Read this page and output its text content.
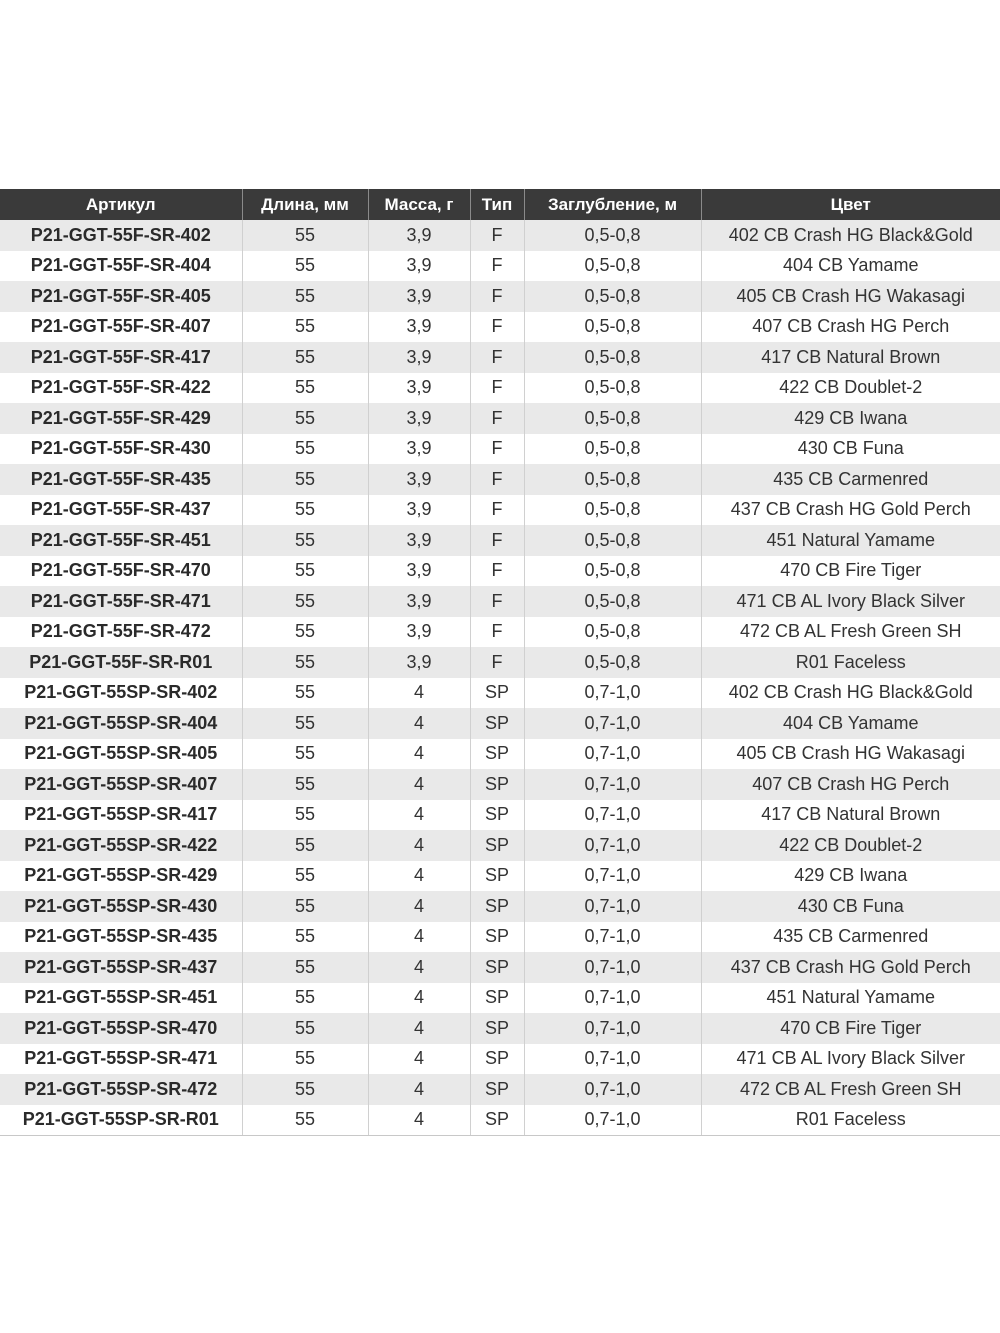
Артикул	Длина, мм	Масса, г	Тип	Заглубление, м	Цвет
P21-GGT-55F-SR-402	55	3,9	F	0,5-0,8	402 CB Crash HG Black&Gold
P21-GGT-55F-SR-404	55	3,9	F	0,5-0,8	404 CB Yamame
P21-GGT-55F-SR-405	55	3,9	F	0,5-0,8	405 CB Crash HG Wakasagi
P21-GGT-55F-SR-407	55	3,9	F	0,5-0,8	407 CB Crash HG Perch
P21-GGT-55F-SR-417	55	3,9	F	0,5-0,8	417 CB Natural Brown
P21-GGT-55F-SR-422	55	3,9	F	0,5-0,8	422 CB Doublet-2
P21-GGT-55F-SR-429	55	3,9	F	0,5-0,8	429 CB Iwana
P21-GGT-55F-SR-430	55	3,9	F	0,5-0,8	430 CB Funa
P21-GGT-55F-SR-435	55	3,9	F	0,5-0,8	435 CB Carmenred
P21-GGT-55F-SR-437	55	3,9	F	0,5-0,8	437 CB Crash HG Gold Perch
P21-GGT-55F-SR-451	55	3,9	F	0,5-0,8	451 Natural Yamame
P21-GGT-55F-SR-470	55	3,9	F	0,5-0,8	470 CB Fire Tiger
P21-GGT-55F-SR-471	55	3,9	F	0,5-0,8	471 CB AL Ivory Black Silver
P21-GGT-55F-SR-472	55	3,9	F	0,5-0,8	472 CB AL Fresh Green SH
P21-GGT-55F-SR-R01	55	3,9	F	0,5-0,8	R01 Faceless
P21-GGT-55SP-SR-402	55	4	SP	0,7-1,0	402 CB Crash HG Black&Gold
P21-GGT-55SP-SR-404	55	4	SP	0,7-1,0	404 CB Yamame
P21-GGT-55SP-SR-405	55	4	SP	0,7-1,0	405 CB Crash HG Wakasagi
P21-GGT-55SP-SR-407	55	4	SP	0,7-1,0	407 CB Crash HG Perch
P21-GGT-55SP-SR-417	55	4	SP	0,7-1,0	417 CB Natural Brown
P21-GGT-55SP-SR-422	55	4	SP	0,7-1,0	422 CB Doublet-2
P21-GGT-55SP-SR-429	55	4	SP	0,7-1,0	429 CB Iwana
P21-GGT-55SP-SR-430	55	4	SP	0,7-1,0	430 CB Funa
P21-GGT-55SP-SR-435	55	4	SP	0,7-1,0	435 CB Carmenred
P21-GGT-55SP-SR-437	55	4	SP	0,7-1,0	437 CB Crash HG Gold Perch
P21-GGT-55SP-SR-451	55	4	SP	0,7-1,0	451 Natural Yamame
P21-GGT-55SP-SR-470	55	4	SP	0,7-1,0	470 CB Fire Tiger
P21-GGT-55SP-SR-471	55	4	SP	0,7-1,0	471 CB AL Ivory Black Silver
P21-GGT-55SP-SR-472	55	4	SP	0,7-1,0	472 CB AL Fresh Green SH
P21-GGT-55SP-SR-R01	55	4	SP	0,7-1,0	R01 Faceless
